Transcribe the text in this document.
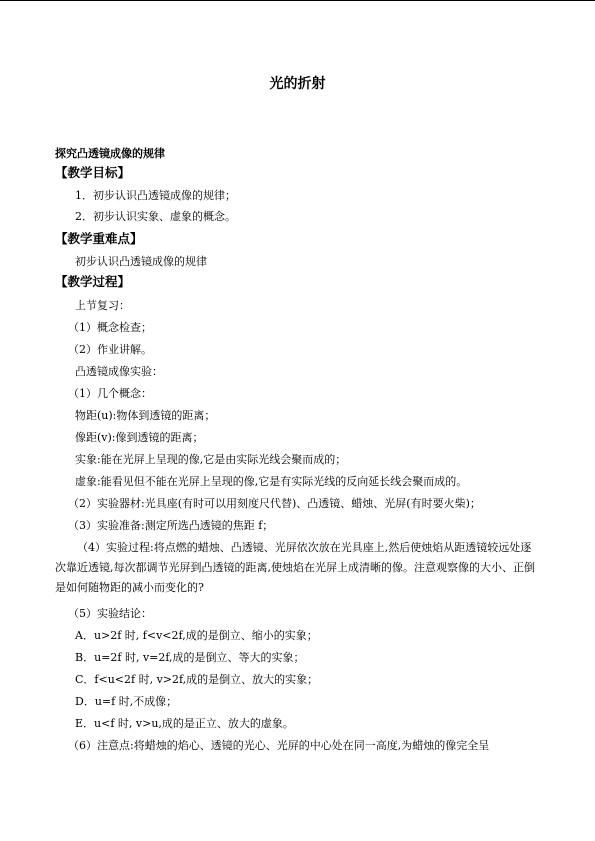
光的折射
探究凸透镜成像的规律
【教学目标】
1．初步认识凸透镜成像的规律；
2．初步认识实象、虚象的概念。
【教学重难点】
初步认识凸透镜成像的规律
【教学过程】
上节复习：
（1）概念检查；
（2）作业讲解。
凸透镜成像实验：
（1）几个概念：
物距(u):物体到透镜的距离；
像距(v):像到透镜的距离；
实象:能在光屏上呈现的像,它是由实际光线会聚而成的；
虚象:能看见但不能在光屏上呈现的像,它是有实际光线的反向延长线会聚而成的。
（2）实验器材:光具座(有时可以用刻度尺代替)、凸透镜、蜡烛、光屏(有时要火柴)；
（3）实验准备:测定所选凸透镜的焦距 f；
（4）实验过程:将点燃的蜡烛、凸透镜、光屏依次放在光具座上,然后使烛焰从距透镜较远处逐次靠近透镜,每次都调节光屏到凸透镜的距离,使烛焰在光屏上成清晰的像。注意观察像的大小、正倒是如何随物距的减小而变化的?
（5）实验结论：
A．u>2f 时, f<v<2f,成的是倒立、缩小的实象；
B．u=2f 时, v=2f,成的是倒立、等大的实象；
C．f<u<2f 时, v>2f,成的是倒立、放大的实象；
D．u=f 时,不成像；
E．u<f 时, v>u,成的是正立、放大的虚象。
（6）注意点:将蜡烛的焰心、透镜的光心、光屏的中心处在同一高度,为蜡烛的像完全呈
